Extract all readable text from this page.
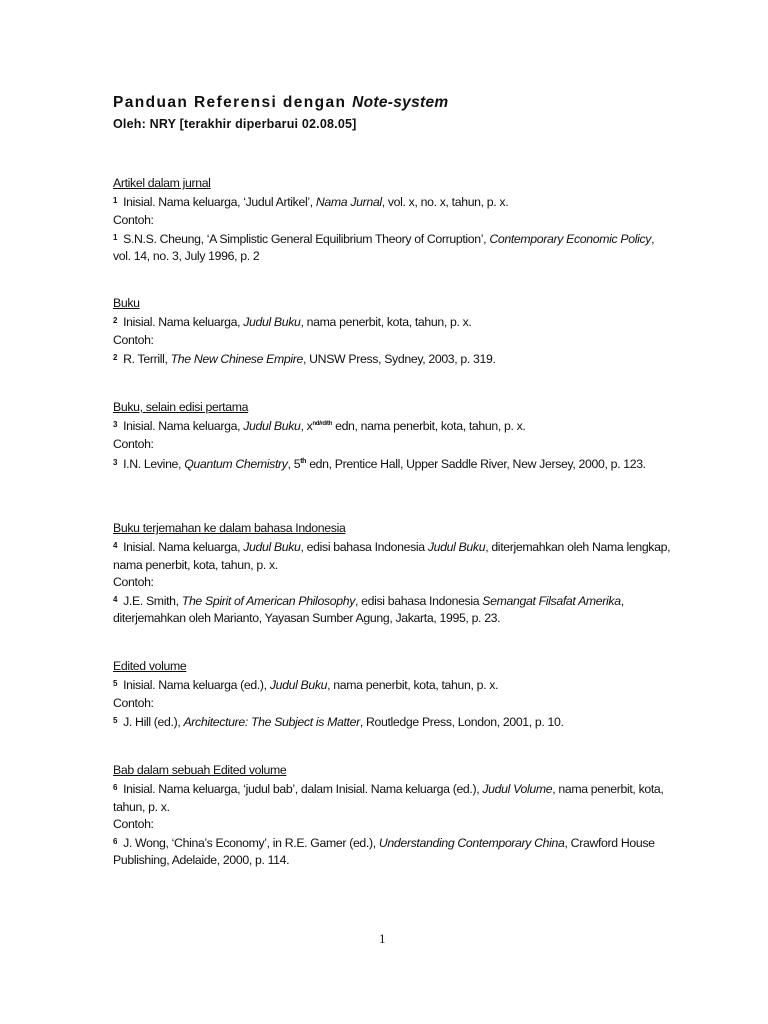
Panduan Referensi dengan Note-system
Oleh: NRY [terakhir diperbarui 02.08.05]
Artikel dalam jurnal
$^1$ Inisial. Nama keluarga, ‘Judul Artikel’, Nama Jurnal, vol. x, no. x, tahun, p. x.
Contoh:
$^1$ S.N.S. Cheung, ‘A Simplistic General Equilibrium Theory of Corruption’, Contemporary Economic Policy, vol. 14, no. 3, July 1996, p. 2
Buku
$^2$ Inisial. Nama keluarga, Judul Buku, nama penerbit, kota, tahun, p. x.
Contoh:
$^2$ R. Terrill, The New Chinese Empire, UNSW Press, Sydney, 2003, p. 319.
Buku, selain edisi pertama
$^3$ Inisial. Nama keluarga, Judul Buku, $x^{nd/rd/th}$ edn, nama penerbit, kota, tahun, p. x.
Contoh:
$^3$ I.N. Levine, Quantum Chemistry, 5th edn, Prentice Hall, Upper Saddle River, New Jersey, 2000, p. 123.
Buku terjemahan ke dalam bahasa Indonesia
$^4$ Inisial. Nama keluarga, Judul Buku, edisi bahasa Indonesia Judul Buku, diterjemahkan oleh Nama lengkap, nama penerbit, kota, tahun, p. x.
Contoh:
$^4$ J.E. Smith, The Spirit of American Philosophy, edisi bahasa Indonesia Semangat Filsafat Amerika, diterjemahkan oleh Marianto, Yayasan Sumber Agung, Jakarta, 1995, p. 23.
Edited volume
$^5$ Inisial. Nama keluarga (ed.), Judul Buku, nama penerbit, kota, tahun, p. x.
Contoh:
$^5$ J. Hill (ed.), Architecture: The Subject is Matter, Routledge Press, London, 2001, p. 10.
Bab dalam sebuah Edited volume
$^6$ Inisial. Nama keluarga, ‘judul bab’, dalam Inisial. Nama keluarga (ed.), Judul Volume, nama penerbit, kota, tahun, p. x.
Contoh:
$^6$ J. Wong, ‘China’s Economy’, in R.E. Gamer (ed.), Understanding Contemporary China, Crawford House Publishing, Adelaide, 2000, p. 114.
1
